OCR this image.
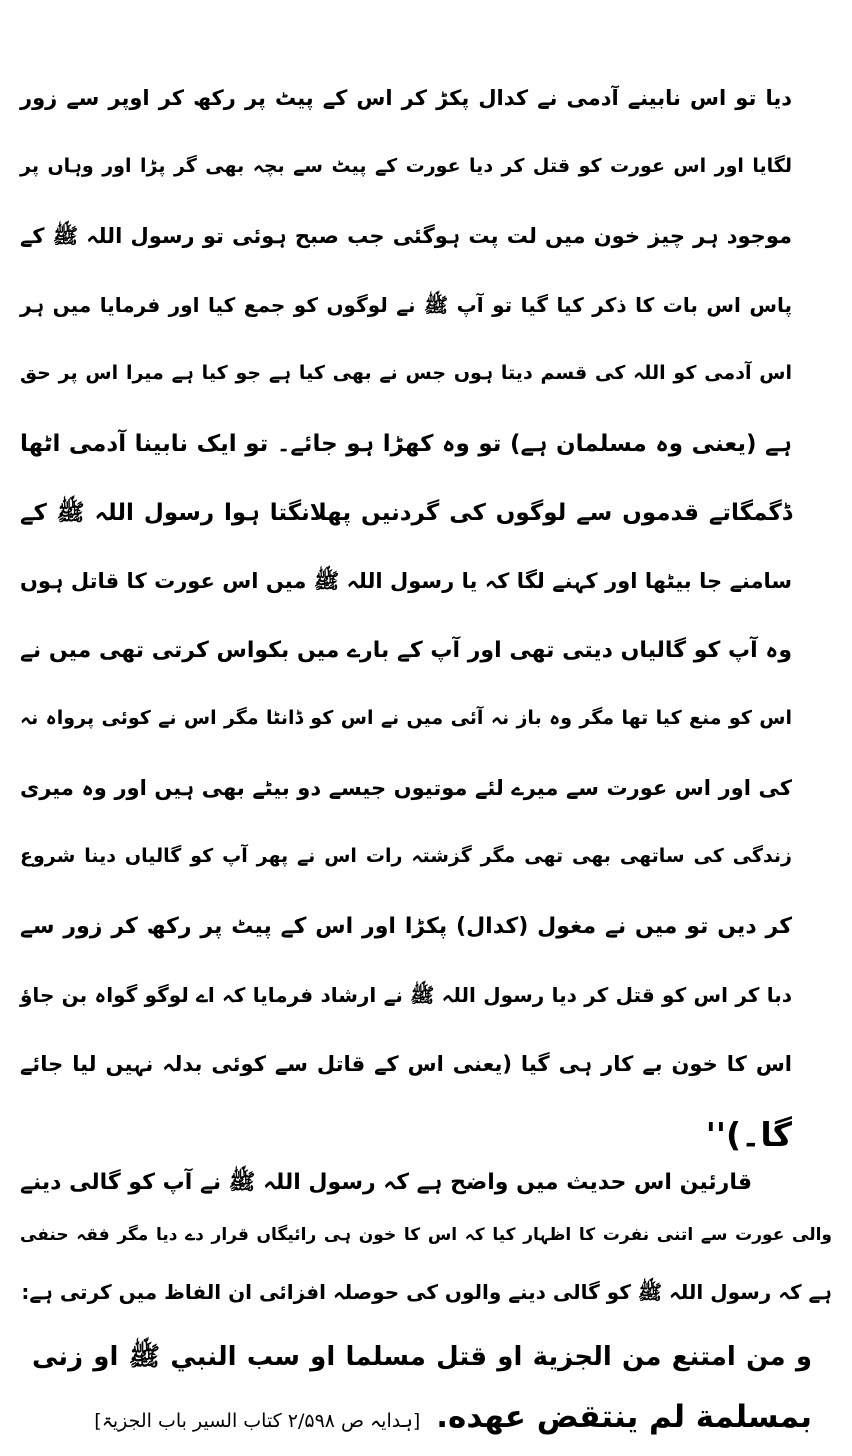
دیا تو اس نابینے آدمی نے کدال پکڑ کر اس کے پیٹ پر رکھ کر اوپر سے زور
لگایا اور اس عورت کو قتل کر دیا عورت کے پیٹ سے بچہ بھی گر پڑا اور وہاں پر
موجود ہر چیز خون میں لت پت ہوگئی جب صبح ہوئی تو رسول اللہ ﷺ کے
پاس اس بات کا ذکر کیا گیا تو آپ ﷺ نے لوگوں کو جمع کیا اور فرمایا میں ہر
اس آدمی کو اللہ کی قسم دیتا ہوں جس نے بھی کیا ہے جو کیا ہے میرا اس پر حق
ہے (یعنی وہ مسلمان ہے) تو وہ کھڑا ہو جائے۔ تو ایک نابینا آدمی اٹھا
ڈگمگاتے قدموں سے لوگوں کی گردنیں پھلانگتا ہوا رسول اللہ ﷺ کے
سامنے جا بیٹھا اور کہنے لگا کہ یا رسول اللہ ﷺ میں اس عورت کا قاتل ہوں
وہ آپ کو گالیاں دیتی تھی اور آپ کے بارے میں بکواس کرتی تھی میں نے
اس کو منع کیا تھا مگر وہ باز نہ آئی میں نے اس کو ڈانٹا مگر اس نے کوئی پرواہ نہ
کی اور اس عورت سے میرے لئے موتیوں جیسے دو بیٹے بھی ہیں اور وہ میری
زندگی کی ساتھی بھی تھی مگر گزشتہ رات اس نے پھر آپ کو گالیاں دینا شروع
کر دیں تو میں نے مغول (کدال) پکڑا اور اس کے پیٹ پر رکھ کر زور سے
دبا کر اس کو قتل کر دیا رسول اللہ ﷺ نے ارشاد فرمایا کہ اے لوگو گواہ بن جاؤ
اس کا خون بے کار ہی گیا (یعنی اس کے قاتل سے کوئی بدلہ نہیں لیا جائے
گا۔)''
قارئین اس حدیث میں واضح ہے کہ رسول اللہ ﷺ نے آپ کو گالی دینے
والی عورت سے اتنی نفرت کا اظہار کیا کہ اس کا خون ہی رائیگاں قرار دے دیا مگر فقہ حنفی
ہے کہ رسول اللہ ﷺ کو گالی دینے والوں کی حوصلہ افزائی ان الفاظ میں کرتی ہے:
و من امتنع من الجزية او قتل مسلما او سب النبي ﷺ او زنى
بمسلمة لم ينتقض عهده.[ہدایہ ص ۲/۵۹۸ کتاب السیر باب الجزیۃ]
